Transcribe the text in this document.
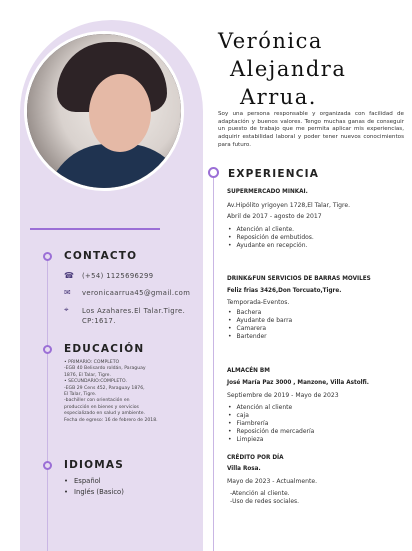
CONTACTO
☎	(+54) 1125696299
✉	veronicaarrua45@gmail.com
⌖	Los Azahares.El Talar.Tigre. CP:1617.
EDUCACIÓN
• PRIMARIO: COMPLETO
-EGB 40 Belisardo roldán, Paraguay
1876, El Talar, Tigre.
• SECUNDARIO:COMPLETO.
-EGB 29 Cens 452, Paraguay 1876,
El Talar, Tigre.
-bachiller con orientación en
producción en bienes y servicios
especializado en salud y ambiente.
Fecha de egreso: 16 de febrero de 2018.
IDIOMAS
• Español
• Inglés (Basico)
Verónica
Alejandra
Arrua.
Soy una persona responsable y organizada con facilidad de adaptación y buenos valores. Tengo muchas ganas de conseguir un puesto de trabajo que me permita aplicar mis experiencias, adquirir estabilidad laboral y poder tener nuevos conocimientos para futuro.
EXPERIENCIA
SUPERMERCADO MINKAI.
Av.Hipólito yrigoyen 1728,El Talar, Tigre.
Abril de 2017 - agosto de 2017
• Atención al cliente.
• Reposición de embutidos.
• Ayudante en recepción.
DRINK&FUN SERVICIOS DE BARRAS MOVILES
Feliz frias 3426,Don Torcuato,Tigre.
Temporada-Eventos.
• Bachera
• Ayudante de barra
• Camarera
• Bartender
ALMACÉN BM
José María Paz 3000 , Manzone, Villa Astolfi.
Septiembre de 2019 - Mayo de 2023
• Atención al cliente
• caja
• Fiambrería
• Reposición de mercadería
• Limpieza
CRÉDITO POR DÍA
Villa Rosa.
Mayo de 2023 - Actualmente.
-Atención al cliente.
-Uso de redes sociales.
